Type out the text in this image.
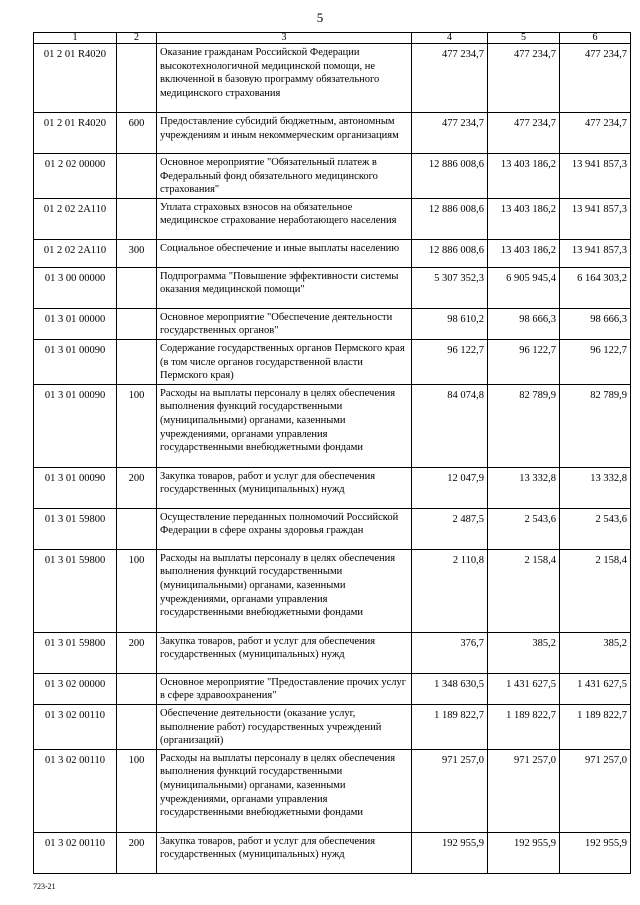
5
1	2	3	4	5	6
01 2 01 R4020		Оказание гражданам Российской Федерации высокотехнологичной медицинской помощи, не включенной в базовую программу обязательного медицинского страхования	477 234,7	477 234,7	477 234,7
01 2 01 R4020	600	Предоставление субсидий бюджетным, автономным учреждениям и иным некоммерческим организациям	477 234,7	477 234,7	477 234,7
01 2 02 00000		Основное мероприятие "Обязательный платеж в Федеральный фонд обязательного медицинского страхования"	12 886 008,6	13 403 186,2	13 941 857,3
01 2 02 2А110		Уплата страховых взносов на обязательное медицинское страхование неработающего населения	12 886 008,6	13 403 186,2	13 941 857,3
01 2 02 2А110	300	Социальное обеспечение и иные выплаты населению	12 886 008,6	13 403 186,2	13 941 857,3
01 3 00 00000		Подпрограмма "Повышение эффективности системы оказания медицинской помощи"	5 307 352,3	6 905 945,4	6 164 303,2
01 3 01 00000		Основное мероприятие "Обеспечение деятельности государственных органов"	98 610,2	98 666,3	98 666,3
01 3 01 00090		Содержание государственных органов Пермского края (в том числе органов государственной власти Пермского края)	96 122,7	96 122,7	96 122,7
01 3 01 00090	100	Расходы на выплаты персоналу в целях обеспечения выполнения функций государственными (муниципальными) органами, казенными учреждениями, органами управления государственными внебюджетными фондами	84 074,8	82 789,9	82 789,9
01 3 01 00090	200	Закупка товаров, работ и услуг для обеспечения государственных (муниципальных) нужд	12 047,9	13 332,8	13 332,8
01 3 01 59800		Осуществление переданных полномочий Российской Федерации в сфере охраны здоровья граждан	2 487,5	2 543,6	2 543,6
01 3 01 59800	100	Расходы на выплаты персоналу в целях обеспечения выполнения функций государственными (муниципальными) органами, казенными учреждениями, органами управления государственными внебюджетными фондами	2 110,8	2 158,4	2 158,4
01 3 01 59800	200	Закупка товаров, работ и услуг для обеспечения государственных (муниципальных) нужд	376,7	385,2	385,2
01 3 02 00000		Основное мероприятие "Предоставление прочих услуг в сфере здравоохранения"	1 348 630,5	1 431 627,5	1 431 627,5
01 3 02 00110		Обеспечение деятельности (оказание услуг, выполнение работ) государственных учреждений (организаций)	1 189 822,7	1 189 822,7	1 189 822,7
01 3 02 00110	100	Расходы на выплаты персоналу в целях обеспечения выполнения функций государственными (муниципальными) органами, казенными учреждениями, органами управления государственными внебюджетными фондами	971 257,0	971 257,0	971 257,0
01 3 02 00110	200	Закупка товаров, работ и услуг для обеспечения государственных (муниципальных) нужд	192 955,9	192 955,9	192 955,9
723-21
